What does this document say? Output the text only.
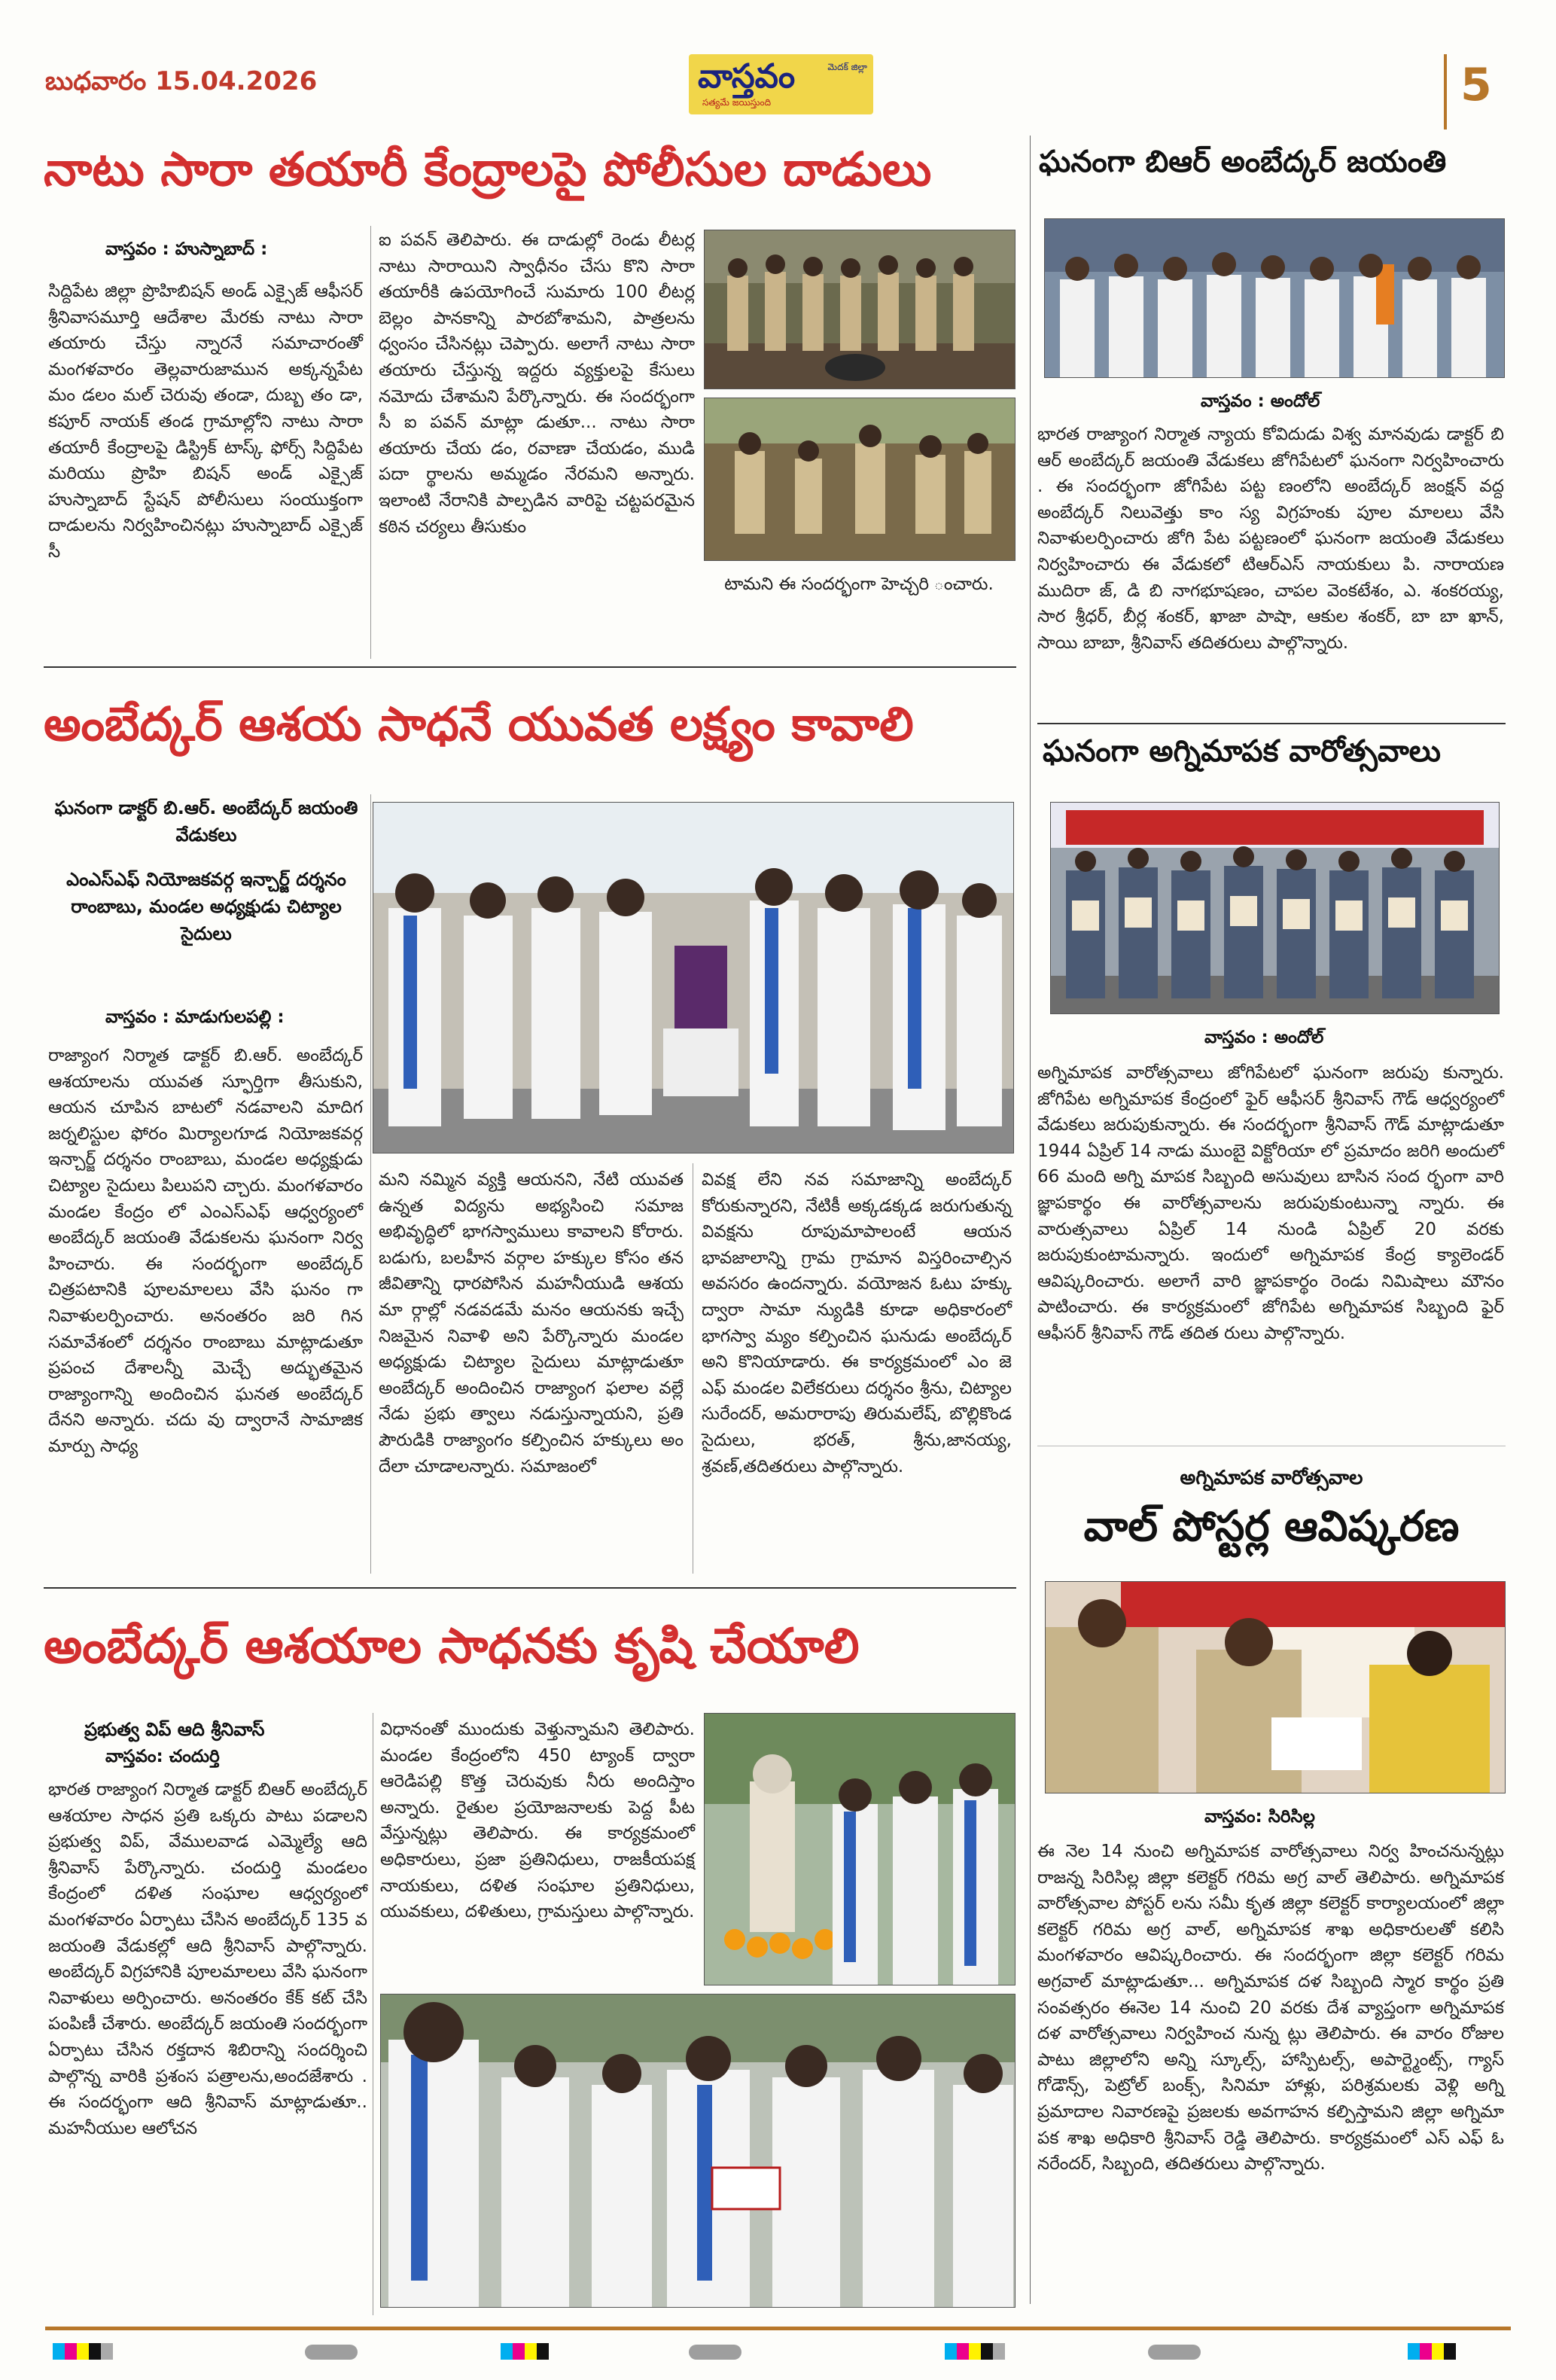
బుధవారం 15.04.2026	వాస్తవం	మెదక్ జిల్లా
సత్యమే జయిస్తుంది	5
నాటు సారా తయారీ కేంద్రాలపై పోలీసుల దాడులు
వాస్తవం : హుస్నాబాద్ :

సిద్దిపేట జిల్లా ప్రొహిబిషన్ అండ్ ఎక్సైజ్ ఆఫీసర్ శ్రీనివాసమూర్తి ఆదేశాల మేరకు నాటు సారా తయారు చేస్తు న్నారనే సమాచారంతో మంగళవారం తెల్లవారుజామున అక్కన్నపేట మం డలం మల్ చెరువు తండా, దుబ్బ తం డా, కపూర్ నాయక్ తండ గ్రామాల్లోని నాటు సారా తయారీ కేంద్రాలపై డిస్ట్రిక్ టాస్క్ ఫోర్స్ సిద్దిపేట మరియు ప్రొహి బిషన్ అండ్ ఎక్సైజ్ హుస్నాబాద్ స్టేషన్ పోలీసులు సంయుక్తంగా దాడులను నిర్వహించినట్లు హుస్నాబాద్ ఎక్సైజ్ సీ

ఐ పవన్ తెలిపారు. ఈ దాడుల్లో రెండు లీటర్ల నాటు సారాయిని స్వాధీనం చేసు కొని సారా తయారీకి ఉపయోగించే సుమారు 100 లీటర్ల బెల్లం పానకాన్ని పారబోశామని, పాత్రలను ధ్వంసం చేసినట్లు చెప్పారు. అలాగే నాటు సారా తయారు చేస్తున్న ఇద్దరు వ్యక్తులపై కేసులు నమోదు చేశామని పేర్కొన్నారు. ఈ సందర్భంగా సీ ఐ పవన్ మాట్లా డుతూ... నాటు సారా తయారు చేయ డం, రవాణా చేయడం, ముడి పదా ర్థాలను అమ్మడం నేరమని అన్నారు. ఇలాంటి నేరానికి పాల్పడిన వారిపై చట్టపరమైన కఠిన చర్యలు తీసుకుం

టామని ఈ సందర్భంగా హెచ్చరి ంచారు.
ఘనంగా బిఆర్ అంబేద్కర్ జయంతి
వాస్తవం : అందోల్

భారత రాజ్యాంగ నిర్మాత న్యాయ కోవిదుడు విశ్వ మానవుడు డాక్టర్ బి ఆర్ అంబేద్కర్ జయంతి వేడుకలు జోగిపేటలో ఘనంగా నిర్వహించారు . ఈ సందర్భంగా జోగిపేట పట్ట ణంలోని అంబేద్కర్ జంక్షన్ వద్ద అంబేద్కర్ నిలువెత్తు కాం స్య విగ్రహంకు పూల మాలలు వేసి నివాళులర్పించారు జోగి పేట పట్టణంలో ఘనంగా జయంతి వేడుకలు నిర్వహించారు ఈ వేడుకలో టిఆర్ఎస్ నాయకులు పి. నారాయణ ముదిరా జ్, డి బి నాగభూషణం, చాపల వెంకటేశం, ఎ. శంకరయ్య, సార శ్రీధర్, బీర్ల శంకర్, ఖాజా పాషా, ఆకుల శంకర్, బా బా ఖాన్, సాయి బాబా, శ్రీనివాస్ తదితరులు పాల్గొన్నారు.

అంబేద్కర్ ఆశయ సాధనే యువత లక్ష్యం కావాలి
ఘనంగా డాక్టర్ బి.ఆర్. అంబేద్కర్ జయంతి వేడుకలు
ఎంఎస్ఎఫ్ నియోజకవర్గ ఇన్చార్జ్ దర్శనం రాంబాబు, మండల అధ్యక్షుడు చిట్యాల సైదులు
వాస్తవం : మాడుగులపల్లి :

రాజ్యాంగ నిర్మాత డాక్టర్ బి.ఆర్. అంబేద్కర్ ఆశయాలను యువత స్ఫూర్తిగా తీసుకుని, ఆయన చూపిన బాటలో నడవాలని మాదిగ జర్నలిస్టుల ఫోరం మిర్యాలగూడ నియోజకవర్గ ఇన్చార్జ్ దర్శనం రాంబాబు, మండల అధ్యక్షుడు చిట్యాల సైదులు పిలుపని చ్చారు. మంగళవారం మండల కేంద్రం లో ఎంఎస్ఎఫ్ ఆధ్వర్యంలో అంబేద్కర్ జయంతి వేడుకలను ఘనంగా నిర్వ హించారు. ఈ సందర్భంగా అంబేద్కర్ చిత్రపటానికి పూలమాలలు వేసి ఘనం గా నివాళులర్పించారు. అనంతరం జరి గిన సమావేశంలో దర్శనం రాంబాబు మాట్లాడుతూ ప్రపంచ దేశాలన్నీ మెచ్చే అద్భుతమైన రాజ్యాంగాన్ని అందించిన ఘనత అంబేద్కర్ దేనని అన్నారు. చదు వు ద్వారానే సామాజిక మార్పు సాధ్య

మని నమ్మిన వ్యక్తి ఆయనని, నేటి యువత ఉన్నత విద్యను అభ్యసించి సమాజ అభివృద్ధిలో భాగస్వాములు కావాలని కోరారు. బడుగు, బలహీన వర్గాల హక్కుల కోసం తన జీవితాన్ని ధారపోసిన మహనీయుడి ఆశయ మా ర్గాల్లో నడవడమే మనం ఆయనకు ఇచ్చే నిజమైన నివాళి అని పేర్కొన్నారు మండల అధ్యక్షుడు చిట్యాల సైదులు మాట్లాడుతూ అంబేద్కర్ అందించిన రాజ్యాంగ ఫలాల వల్లే నేడు ప్రభు త్వాలు నడుస్తున్నాయని, ప్రతి పౌరుడికి రాజ్యాంగం కల్పించిన హక్కులు అం దేలా చూడాలన్నారు. సమాజంలో

వివక్ష లేని నవ సమాజాన్ని అంబేద్కర్ కోరుకున్నారని, నేటికీ అక్కడక్కడ జరుగుతున్న వివక్షను రూపుమాపాలంటే ఆయన భావజాలాన్ని గ్రామ గ్రామాన విస్తరించాల్సిన అవసరం ఉందన్నారు. వయోజన ఓటు హక్కు ద్వారా సామా న్యుడికి కూడా అధికారంలో భాగస్వా మ్యం కల్పించిన ఘనుడు అంబేద్కర్ అని కొనియాడారు. ఈ కార్యక్రమంలో ఎం జె ఎఫ్ మండల విలేకరులు దర్శనం శ్రీను, చిట్యాల సురేందర్, అమరారాపు తిరుమలేష్, బొల్లికొండ సైదులు, భరత్, శ్రీను,జానయ్య, శ్రవణ్,తదితరులు పాల్గొన్నారు.

ఘనంగా అగ్నిమాపక వారోత్సవాలు
వాస్తవం : అందోల్

అగ్నిమాపక వారోత్సవాలు జోగిపేటలో ఘనంగా జరుపు కున్నారు. జోగిపేట అగ్నిమాపక కేంద్రంలో ఫైర్ ఆఫీసర్ శ్రీనివాస్ గౌడ్ ఆధ్వర్యంలో వేడుకలు జరుపుకున్నారు. ఈ సందర్భంగా శ్రీనివాస్ గౌడ్ మాట్లాడుతూ 1944 ఏప్రిల్ 14 నాడు ముంబై విక్టోరియా లో ప్రమాదం జరిగి అందులో 66 మంది అగ్ని మాపక సిబ్బంది అసువులు బాసిన సంద ర్భంగా వారి జ్ఞాపకార్థం ఈ వారోత్సవాలను జరుపుకుంటున్నా న్నారు. ఈ వారుత్సవాలు ఏప్రిల్ 14 నుండి ఏప్రిల్ 20 వరకు జరుపుకుంటామన్నారు. ఇందులో అగ్నిమాపక కేంద్ర క్యాలెండర్ ఆవిష్కరించారు. అలాగే వారి జ్ఞాపకార్థం రెండు నిమిషాలు మౌనం పాటించారు. ఈ కార్యక్రమంలో జోగిపేట అగ్నిమాపక సిబ్బంది ఫైర్ ఆఫీసర్ శ్రీనివాస్ గౌడ్ తదిత రులు పాల్గొన్నారు.

అగ్నిమాపక వారోత్సవాల
వాల్ పోస్టర్ల ఆవిష్కరణ
వాస్తవం: సిరిసిల్ల

ఈ నెల 14 నుంచి అగ్నిమాపక వారోత్సవాలు నిర్వ హించనున్నట్లు రాజన్న సిరిసిల్ల జిల్లా కలెక్టర్ గరిమ అగ్ర వాల్ తెలిపారు. అగ్నిమాపక వారోత్సవాల పోస్టర్ లను సమీ కృత జిల్లా కలెక్టర్ కార్యాలయంలో జిల్లా కలెక్టర్ గరిమ అగ్ర వాల్, అగ్నిమాపక శాఖ అధికారులతో కలిసి మంగళవారం ఆవిష్కరించారు. ఈ సందర్భంగా జిల్లా కలెక్టర్ గరిమ అగ్రవాల్ మాట్లాడుతూ... అగ్నిమాపక దళ సిబ్బంది స్మార కార్థం ప్రతి సంవత్సరం ఈనెల 14 నుంచి 20 వరకు దేశ వ్యాప్తంగా అగ్నిమాపక దళ వారోత్సవాలు నిర్వహించ నున్న ట్లు తెలిపారు. ఈ వారం రోజుల పాటు జిల్లాలోని అన్ని స్కూల్స్, హాస్పిటల్స్, అపార్ట్మెంట్స్, గ్యాస్ గోడౌన్స్, పెట్రోల్ బంక్స్, సినిమా హాళ్లు, పరిశ్రమలకు వెళ్లి అగ్ని ప్రమాదాల నివారణపై ప్రజలకు అవగాహన కల్పిస్తామని జిల్లా అగ్నిమా పక శాఖ అధికారి శ్రీనివాస్ రెడ్డి తెలిపారు. కార్యక్రమంలో ఎస్ ఎఫ్ ఓ నరేందర్, సిబ్బంది, తదితరులు పాల్గొన్నారు.

అంబేద్కర్ ఆశయాల సాధనకు కృషి చేయాలి
ప్రభుత్వ విప్ ఆది శ్రీనివాస్
వాస్తవం: చందుర్తి

భారత రాజ్యాంగ నిర్మాత డాక్టర్ బిఆర్ అంబేద్కర్ ఆశయాల సాధన ప్రతి ఒక్కరు పాటు పడాలని ప్రభుత్వ విప్, వేములవాడ ఎమ్మెల్యే ఆది శ్రీనివాస్ పేర్కొన్నారు. చందుర్తి మండలం కేంద్రంలో దళిత సంఘాల ఆధ్వర్యంలో మంగళవారం ఏర్పాటు చేసిన అంబేద్కర్ 135 వ జయంతి వేడుకల్లో ఆది శ్రీనివాస్ పాల్గొన్నారు. అంబేద్కర్ విగ్రహానికి పూలమాలలు వేసి ఘనంగా నివాళులు అర్పించారు. అనంతరం కేక్ కట్ చేసి పంపిణీ చేశారు. అంబేద్కర్ జయంతి సందర్భంగా ఏర్పాటు చేసిన రక్తదాన శిబిరాన్ని సందర్శించి పాల్గొన్న వారికి ప్రశంస పత్రాలను,అందజేశారు . ఈ సందర్భంగా ఆది శ్రీనివాస్ మాట్లాడుతూ.. మహనీయుల ఆలోచన

విధానంతో ముందుకు వెళ్తున్నామని తెలిపారు. మండల కేంద్రంలోని 450 ట్యాంక్ ద్వారా ఆరెడిపల్లి కొత్త చెరువుకు నీరు అందిస్తాం అన్నారు. రైతుల ప్రయోజనాలకు పెద్ద పీట వేస్తున్నట్లు తెలిపారు. ఈ కార్యక్రమంలో అధికారులు, ప్రజా ప్రతినిధులు, రాజకీయపక్ష నాయకులు, దళిత సంఘాల ప్రతినిధులు, యువకులు, దళితులు, గ్రామస్తులు పాల్గొన్నారు.
